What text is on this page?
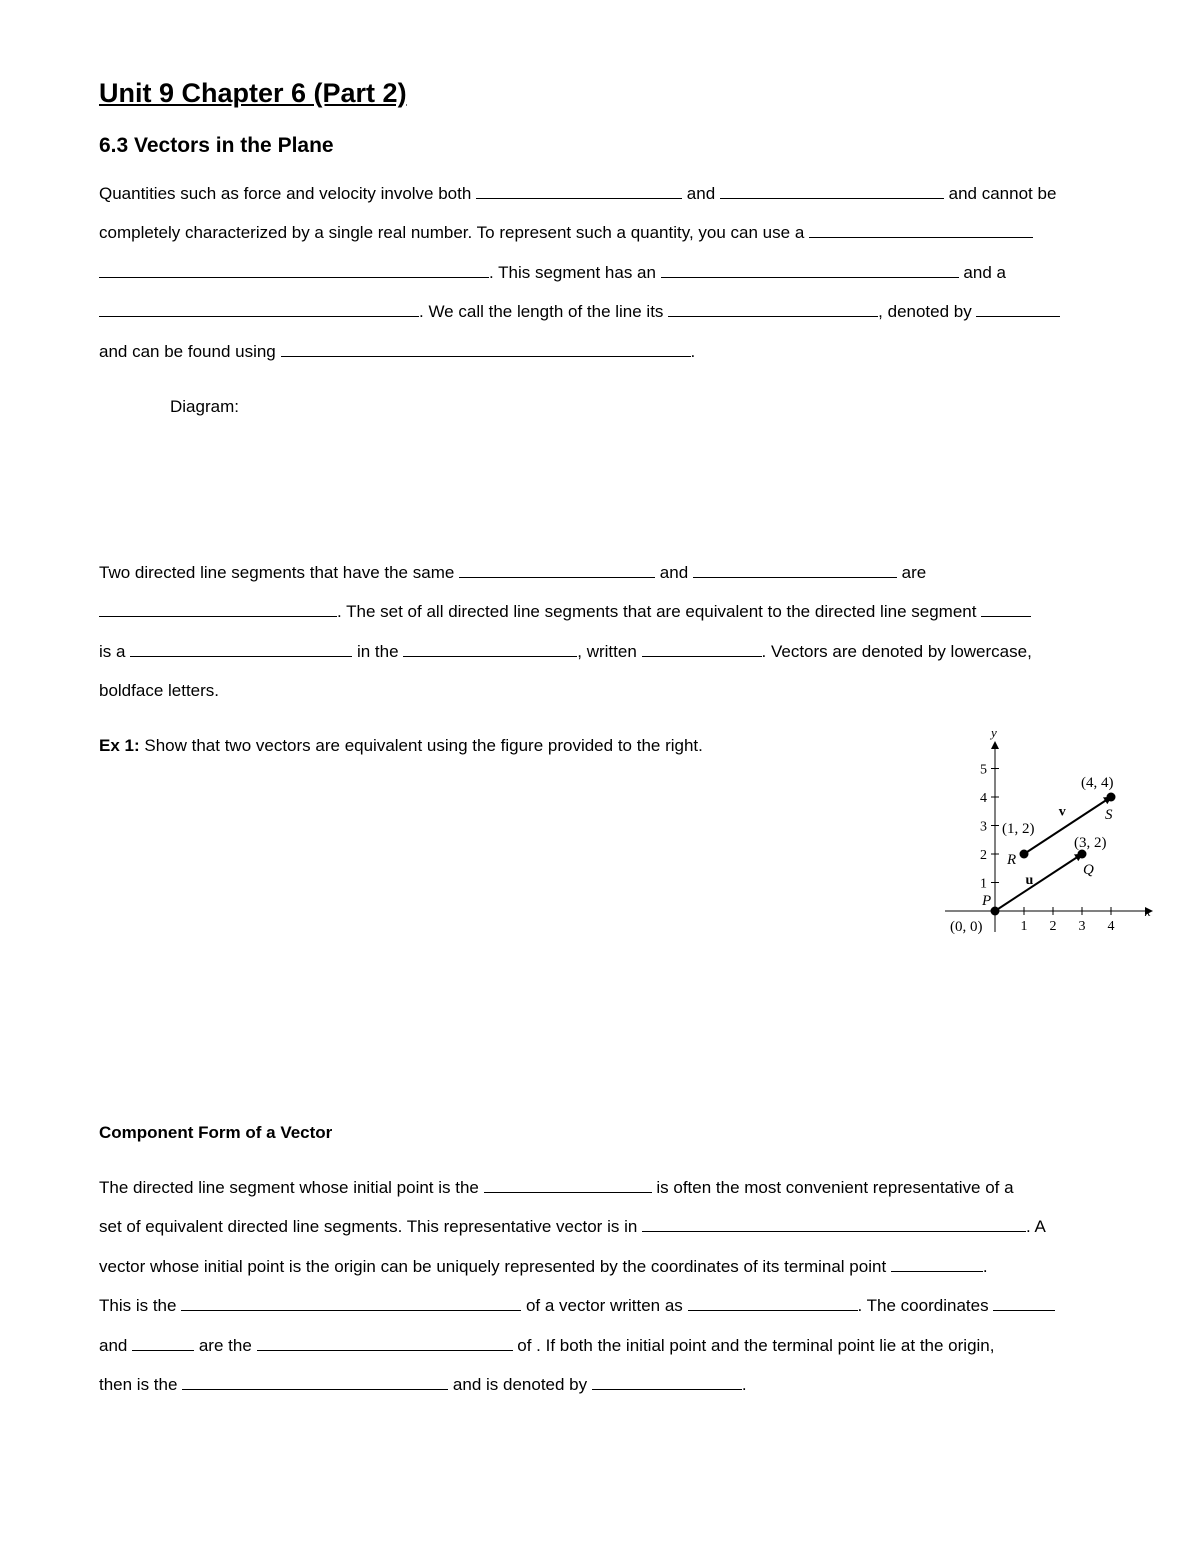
Unit 9 Chapter 6 (Part 2)
6.3 Vectors in the Plane
Quantities such as force and velocity involve both	and	and cannot be
completely characterized by a single real number. To represent such a quantity, you can use a
. This segment has an	and a
. We call the length of the line its	, denoted by
and can be found using	.

Diagram:

Two directed line segments that have the same	and	are
. The set of all directed line segments that are equivalent to the directed line segment
is a	in the	, written	. Vectors are denoted by lowercase,
boldface letters.

Ex 1: Show that two vectors are equivalent using the figure provided to the right.

x
y
1 2 3 4
1
2
3
4
5
P
Q
R
S
(0, 0)
(3, 2)
(1, 2)
(4, 4)
u
v

Component Form of a Vector

The directed line segment whose initial point is the	is often the most convenient representative of a
set of equivalent directed line segments. This representative vector is in	. A
vector whose initial point is the origin can be uniquely represented by the coordinates of its terminal point	.
This is the	of a vector written as	. The coordinates
and	are the	of . If both the initial point and the terminal point lie at the origin,
then is the	and is denoted by	.
